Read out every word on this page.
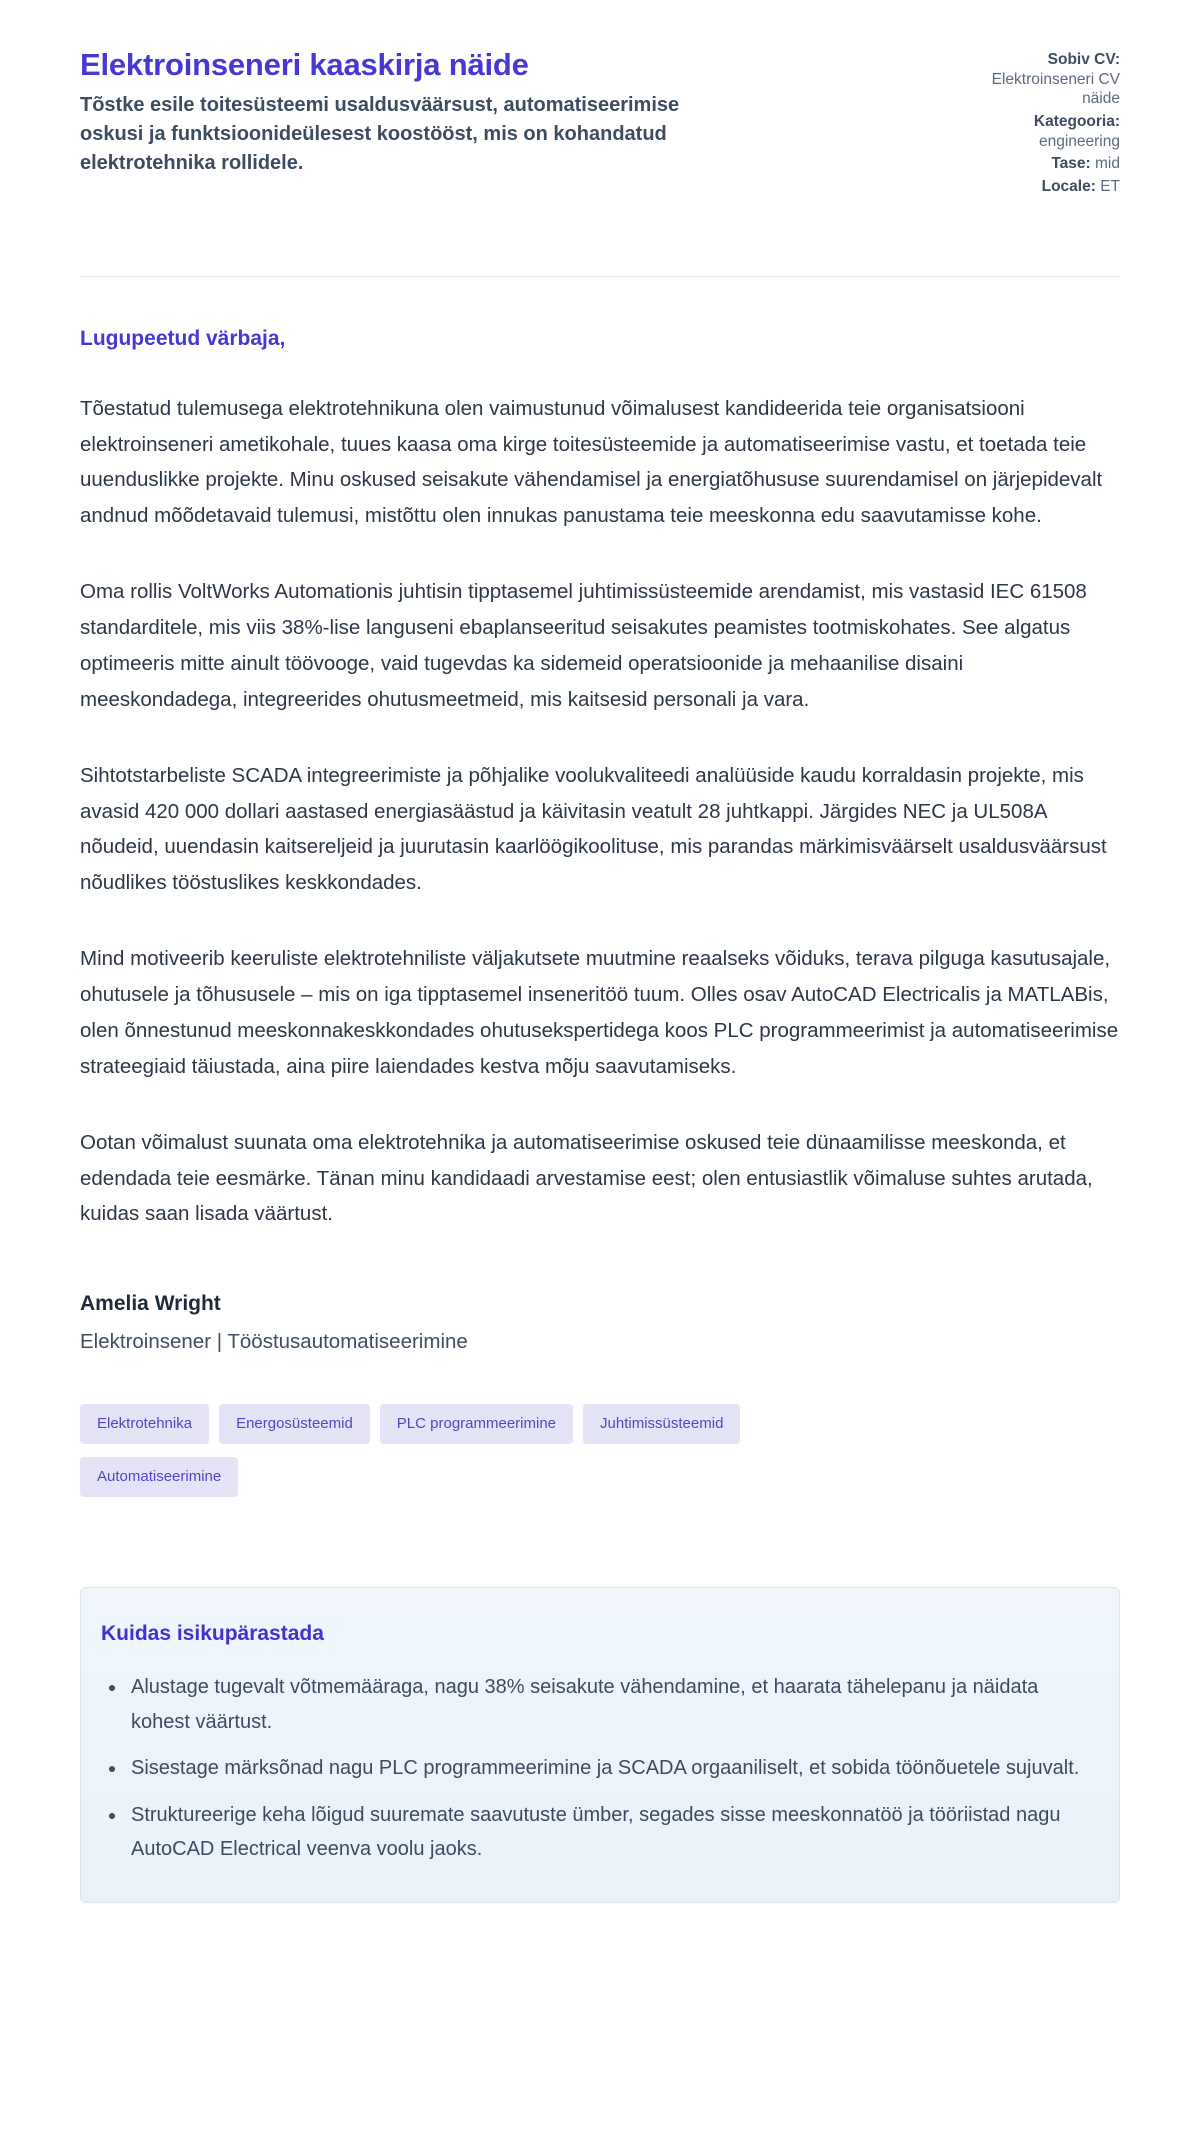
Elektroinseneri kaaskirja näide
Tõstke esile toitesüsteemi usaldusväärsust, automatiseerimise oskusi ja funktsioonideülesest koostööst, mis on kohandatud elektrotehnika rollidele.
Sobiv CV: Elektroinseneri CV näide
Kategooria: engineering
Tase: mid
Locale: ET
Lugupeetud värbaja,

Tõestatud tulemusega elektrotehnikuna olen vaimustunud võimalusest kandideerida teie organisatsiooni elektroinseneri ametikohale, tuues kaasa oma kirge toitesüsteemide ja automatiseerimise vastu, et toetada teie uuenduslikke projekte. Minu oskused seisakute vähendamisel ja energiatõhususe suurendamisel on järjepidevalt andnud mõõdetavaid tulemusi, mistõttu olen innukas panustama teie meeskonna edu saavutamisse kohe.

Oma rollis VoltWorks Automationis juhtisin tipptasemel juhtimissüsteemide arendamist, mis vastasid IEC 61508 standarditele, mis viis 38%-lise languseni ebaplanseeritud seisakutes peamistes tootmiskohates. See algatus optimeeris mitte ainult töövooge, vaid tugevdas ka sidemeid operatsioonide ja mehaanilise disaini meeskondadega, integreerides ohutusmeetmeid, mis kaitsesid personali ja vara.

Sihtotstarbeliste SCADA integreerimiste ja põhjalike voolukvaliteedi analüüside kaudu korraldasin projekte, mis avasid 420 000 dollari aastased energiasäästud ja käivitasin veatult 28 juhtkappi. Järgides NEC ja UL508A nõudeid, uuendasin kaitsereljeid ja juurutasin kaarlöögikoolituse, mis parandas märkimisväärselt usaldusväärsust nõudlikes tööstuslikes keskkondades.

Mind motiveerib keeruliste elektrotehniliste väljakutsete muutmine reaalseks võiduks, terava pilguga kasutusajale, ohutusele ja tõhususele – mis on iga tipptasemel inseneritöö tuum. Olles osav AutoCAD Electricalis ja MATLABis, olen õnnestunud meeskonnakeskkondades ohutusekspertidega koos PLC programmeerimist ja automatiseerimise strateegiaid täiustada, aina piire laiendades kestva mõju saavutamiseks.

Ootan võimalust suunata oma elektrotehnika ja automatiseerimise oskused teie dünaamilisse meeskonda, et edendada teie eesmärke. Tänan minu kandidaadi arvestamise eest; olen entusiastlik võimaluse suhtes arutada, kuidas saan lisada väärtust.

Amelia Wright
Elektroinsener | Tööstusautomatiseerimine
Elektrotehnika	Energosüsteemid	PLC programmeerimine	Juhtimissüsteemid
Automatiseerimine
Kuidas isikupärastada
• Alustage tugevalt võtmemääraga, nagu 38% seisakute vähendamine, et haarata tähelepanu ja näidata kohest väärtust.
• Sisestage märksõnad nagu PLC programmeerimine ja SCADA orgaaniliselt, et sobida töönõuetele sujuvalt.
• Struktureerige keha lõigud suuremate saavutuste ümber, segades sisse meeskonnatöö ja tööriistad nagu AutoCAD Electrical veenva voolu jaoks.
